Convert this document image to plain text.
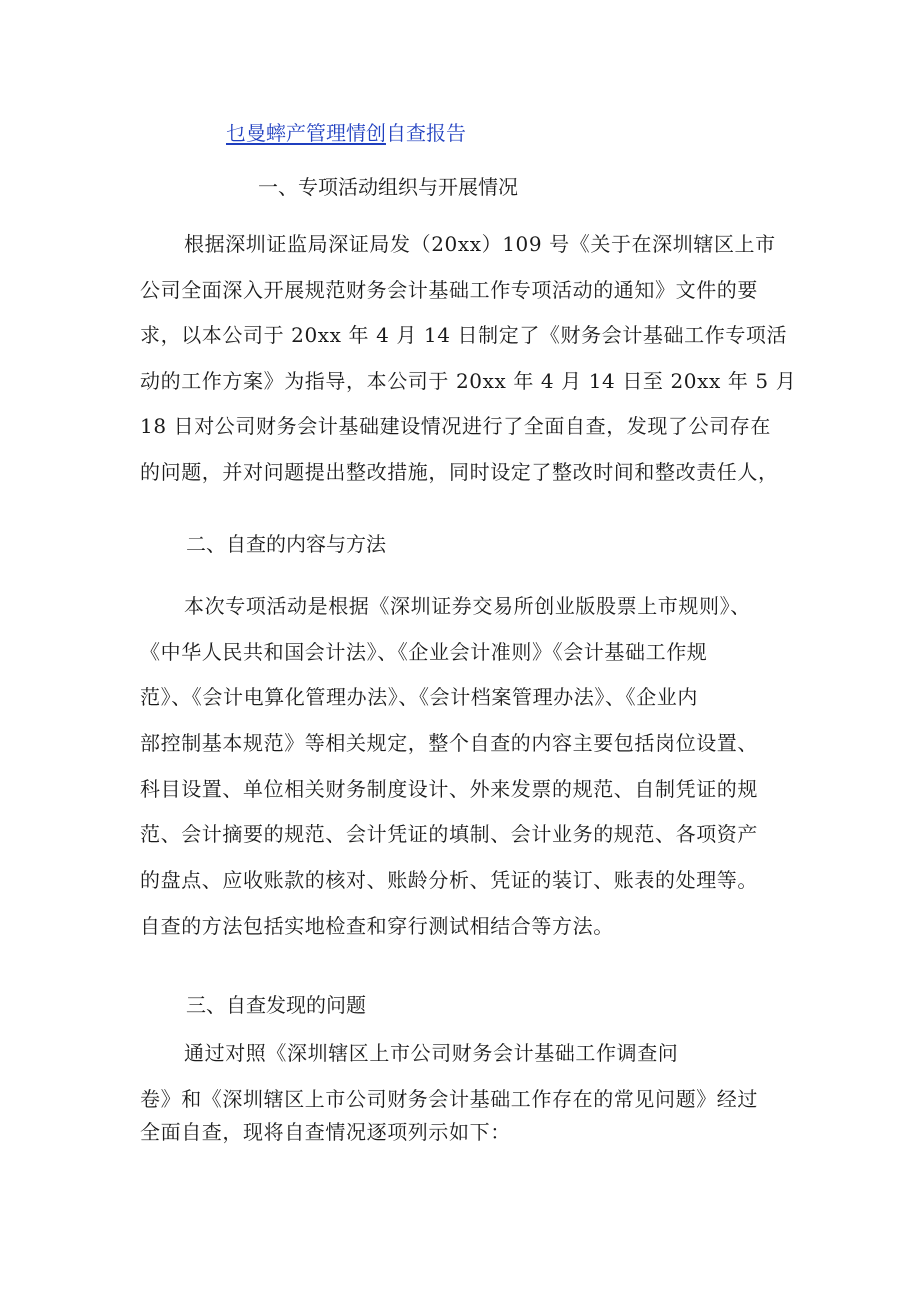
乜曼蟀产管理情创自查报告
一、专项活动组织与开展情况
根据深圳证监局深证局发（20xx）109 号《关于在深圳辖区上市
公司全面深入开展规范财务会计基础工作专项活动的通知》文件的要
求，以本公司于 20xx 年 4 月 14 日制定了《财务会计基础工作专项活
动的工作方案》为指导，本公司于 20xx 年 4 月 14 日至 20xx 年 5 月
18 日对公司财务会计基础建设情况进行了全面自查，发现了公司存在
的问题，并对问题提出整改措施，同时设定了整改时间和整改责任人，
二、自查的内容与方法
本次专项活动是根据《深圳证券交易所创业版股票上市规则》、
《中华人民共和国会计法》、《企业会计准则》《会计基础工作规
范》、《会计电算化管理办法》、《会计档案管理办法》、《企业内
部控制基本规范》等相关规定，整个自查的内容主要包括岗位设置、
科目设置、单位相关财务制度设计、外来发票的规范、自制凭证的规
范、会计摘要的规范、会计凭证的填制、会计业务的规范、各项资产
的盘点、应收账款的核对、账龄分析、凭证的装订、账表的处理等。
自查的方法包括实地检查和穿行测试相结合等方法。
三、自查发现的问题
通过对照《深圳辖区上市公司财务会计基础工作调查问
卷》和《深圳辖区上市公司财务会计基础工作存在的常见问题》经过
全面自查，现将自查情况逐项列示如下：
